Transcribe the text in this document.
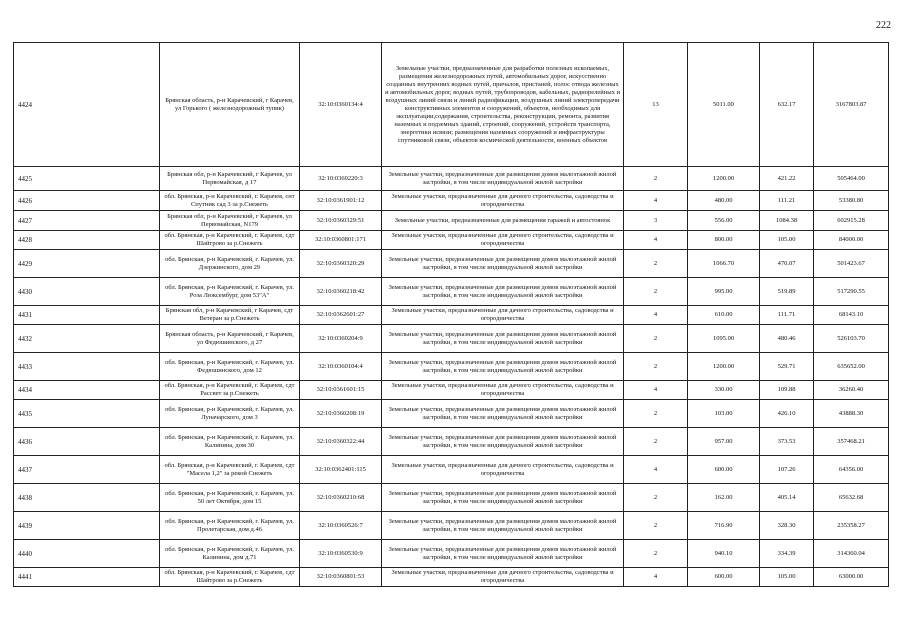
222
4424	Брянская область, р-н Карачевский, г Карачев, ул Горького ( железнодорожный тупик)	32:10:0360134:4	Земельные участки, предназначенные для разработки полезных ископаемых, размещения железнодорожных путей, автомобильных дорог, искусственно созданных внутренних водных путей, причалов, пристаней, полос отвода железных и автомобильных дорог, водных путей, трубопроводов, кабельных, радиорелейных и воздушных линий связи и линий радиофикации, воздушных линий электропередачи конструктивных элементов и сооружений, объектов, необходимых для эксплуатации,содержания, строительства, реконструкции, ремонта, развития наземных и подземных зданий, строений, сооружений, устройств транспорта, энергетики исвязи; размещения наземных сооружений и инфраструктуры спутниковой связи, объектов космической деятельности, военных объектов	13	5011.00	632.17	3167803.87
4425	Брянская обл, р-н Карачевский, г Карачев, ул Первомайская, д 17	32:10:0360220:3	Земельные участки, предназначенные для размещения домов малоэтажной жилой застройки, в том числе индивидуальной жилой застройки	2	1200.00	421.22	505464.00
4426	обл. Брянская, р-н Карачевский, г. Карачев, снт Спутник сад 3 за р.Снежеть	32:10:0361901:12	Земельные участки, предназначенные для дачного строительства, садоводства и огородничества	4	480.00	111.21	53380.80
4427	Брянская обл, р-н Карачевский, г Карачев, ул Первомайская, N179	32:10:0360329:51	Земельные участки, предназначенные для размещения гаражей и автостоянок	3	556.00	1084.38	602915.28
4428	обл. Брянская, р-н Карачевский, г. Карачев, сдт Шайтрово за р.Снежеть	32:10:0360801:171	Земельные участки, предназначенные для дачного строительства, садоводства и огородничества	4	800.00	105.00	84000.00
4429	обл. Брянская, р-н Карачевский, г. Карачев, ул. Дзержинского, дом 29	32:10:0360320:29	Земельные участки, предназначенные для размещения домов малоэтажной жилой застройки, в том числе индивидуальной жилой застройки	2	1066.70	470.07	501423.67
4430	обл. Брянская, р-н Карачевский, г. Карачев, ул. Роза Люксембург, дом 53"А"	32:10:0360218:42	Земельные участки, предназначенные для размещения домов малоэтажной жилой застройки, в том числе индивидуальной жилой застройки	2	995.00	519.89	517290.55
4431	Брянская обл, р-н Карачевский, г Карачев, сдт Ветеран за р.Снежеть	32:10:0362601:27	Земельные участки, предназначенные для дачного строительства, садоводства и огородничества	4	610.00	111.71	68143.10
4432	Брянская область, р-н Карачевский, г Карачев, ул Федюшинского, д 27	32:10:0360204:9	Земельные участки, предназначенные для размещения домов малоэтажной жилой застройки, в том числе индивидуальной жилой застройки	2	1095.00	480.46	526103.70
4433	обл. Брянская, р-н Карачевский, г. Карачев, ул. Федюшинского, дом 12	32:10:0360104:4	Земельные участки, предназначенные для размещения домов малоэтажной жилой застройки, в том числе индивидуальной жилой застройки	2	1200.00	529.71	635652.00
4434	обл. Брянская, р-н Карачевский, г. Карачев, сдт Рассвет за р.Снежеть	32:10:0361601:15	Земельные участки, предназначенные для дачного строительства, садоводства и огородничества	4	330.00	109.88	36260.40
4435	обл. Брянская, р-н Карачевский, г. Карачев, ул. Луначарского, дом 3	32:10:0360208:19	Земельные участки, предназначенные для размещения домов малоэтажной жилой застройки, в том числе индивидуальной жилой застройки	2	103.00	426.10	43888.30
4436	обл. Брянская, р-н Карачевский, г. Карачев, ул. Калинина, дом 30	32:10:0360322:44	Земельные участки, предназначенные для размещения домов малоэтажной жилой застройки, в том числе индивидуальной жилой застройки	2	957.00	373.53	357468.21
4437	обл. Брянская, р-н Карачевский, г. Карачев, сдт "Масела 1,2" за рекой Снежеть	32:10:0362401:115	Земельные участки, предназначенные для дачного строительства, садоводства и огородничества	4	600.00	107.26	64356.00
4438	обл. Брянская, р-н Карачевский, г. Карачев, ул. 50 лет Октября, дом 15	32:10:0360210:68	Земельные участки, предназначенные для размещения домов малоэтажной жилой застройки, в том числе индивидуальной жилой застройки	2	162.00	405.14	65632.68
4439	обл. Брянская, р-н Карачевский, г. Карачев, ул. Пролетарская, дом д.46	32:10:0360526:7	Земельные участки, предназначенные для размещения домов малоэтажной жилой застройки, в том числе индивидуальной жилой застройки	2	716.90	328.30	235358.27
4440	обл. Брянская, р-н Карачевский, г. Карачев, ул. Калинина, дом д.71	32:10:0360530:9	Земельные участки, предназначенные для размещения домов малоэтажной жилой застройки, в том числе индивидуальной жилой застройки	2	940.10	334.39	314360.04
4441	обл. Брянская, р-н Карачевский, г. Карачев, сдт Шайтрово за р.Снежеть	32:10:0360801:53	Земельные участки, предназначенные для дачного строительства, садоводства и огородничества	4	600.00	105.00	63000.00
